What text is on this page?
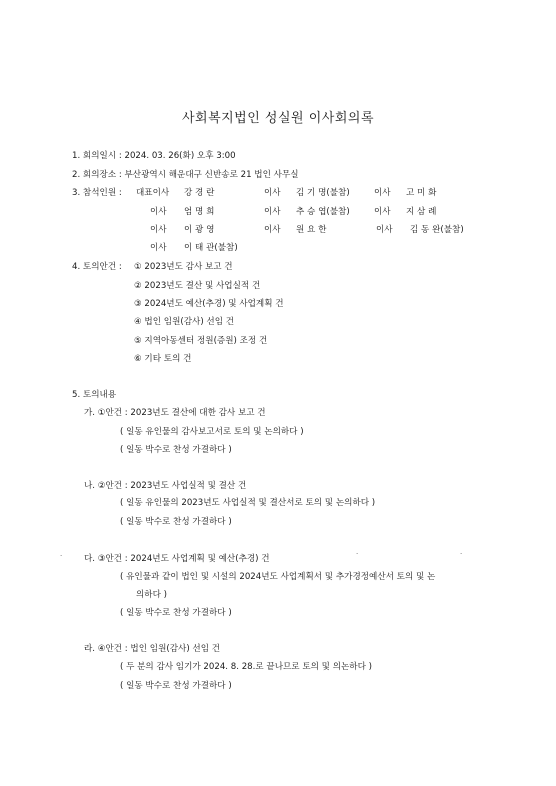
사회복지법인 성실원 이사회의록
1. 회의일시 : 2024. 03. 26(화) 오후 3:00
2. 회의장소 : 부산광역시 해운대구 신반송로 21 법인 사무실
3. 참석인원 : 대표이사 강 경 란	이사 김 기 명(불참)	이사 고 미 화
이사 엄 명 희	이사 추 승 엽(불참)	이사 지 삼 례
이사 이 광 영	이사 원 요 한	이사 김 동 완(불참)
이사 이 태 관(불참)
4. 토의안건 : ① 2023년도 감사 보고 건
② 2023년도 결산 및 사업실적 건
③ 2024년도 예산(추경) 및 사업계획 건
④ 법인 임원(감사) 선임 건
⑤ 지역아동센터 정원(증원) 조정 건
⑥ 기타 토의 건
5. 토의내용
가. ①안건 : 2023년도 결산에 대한 감사 보고 건
( 일동 유인물의 감사보고서로 토의 및 논의하다 )
( 일동 박수로 찬성 가결하다 )
나. ②안건 : 2023년도 사업실적 및 결산 건
( 일동 유인물의 2023년도 사업실적 및 결산서로 토의 및 논의하다 )
( 일동 박수로 찬성 가결하다 )
다. ③안건 : 2024년도 사업계획 및 예산(추경) 건
( 유인물과 같이 법인 및 시설의 2024년도 사업계획서 및 추가경정예산서 토의 및 논
의하다 )
( 일동 박수로 찬성 가결하다 )
라. ④안건 : 법인 임원(감사) 선임 건
( 두 분의 감사 임기가 2024. 8. 28.로 끝나므로 토의 및 의논하다 )
( 일동 박수로 찬성 가결하다 )
·	·	·
